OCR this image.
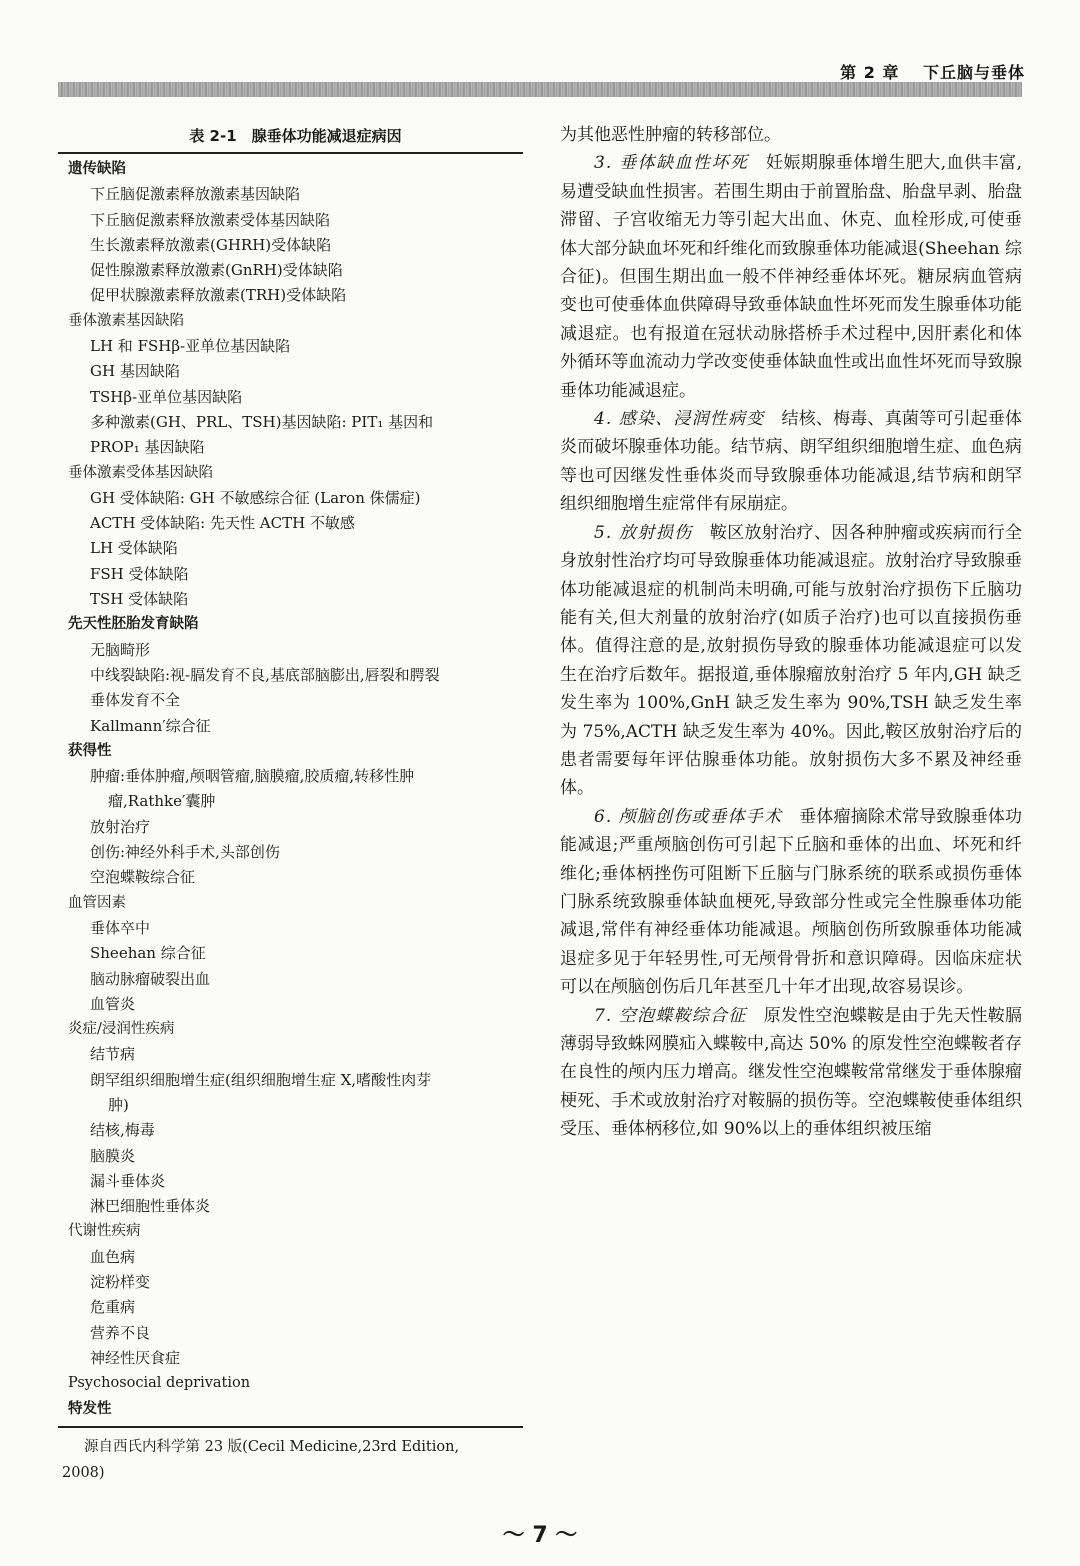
第 2 章　 下丘脑与垂体
表 2-1　腺垂体功能减退症病因
遗传缺陷
下丘脑促激素释放激素基因缺陷
下丘脑促激素释放激素受体基因缺陷
生长激素释放激素(GHRH)受体缺陷
促性腺激素释放激素(GnRH)受体缺陷
促甲状腺激素释放激素(TRH)受体缺陷
垂体激素基因缺陷
LH 和 FSHβ-亚单位基因缺陷
GH 基因缺陷
TSHβ-亚单位基因缺陷
多种激素(GH、PRL、TSH)基因缺陷: PIT₁ 基因和
PROP₁ 基因缺陷
垂体激素受体基因缺陷
GH 受体缺陷: GH 不敏感综合征 (Laron 侏儒症)
ACTH 受体缺陷: 先天性 ACTH 不敏感
LH 受体缺陷
FSH 受体缺陷
TSH 受体缺陷
先天性胚胎发育缺陷
无脑畸形
中线裂缺陷:视-膈发育不良,基底部脑膨出,唇裂和腭裂
垂体发育不全
Kallmann′综合征
获得性
肿瘤:垂体肿瘤,颅咽管瘤,脑膜瘤,胶质瘤,转移性肿
瘤,Rathke′囊肿
放射治疗
创伤:神经外科手术,头部创伤
空泡蝶鞍综合征
血管因素
垂体卒中
Sheehan 综合征
脑动脉瘤破裂出血
血管炎
炎症/浸润性疾病
结节病
朗罕组织细胞增生症(组织细胞增生症 X,嗜酸性肉芽
肿)
结核,梅毒
脑膜炎
漏斗垂体炎
淋巴细胞性垂体炎
代谢性疾病
血色病
淀粉样变
危重病
营养不良
神经性厌食症
Psychosocial deprivation
特发性
源自西氏内科学第 23 版(Cecil Medicine,23rd Edition,
2008)

为其他恶性肿瘤的转移部位。

3. 垂体缺血性坏死　 妊娠期腺垂体增生肥大,血供丰富,易遭受缺血性损害。若围生期由于前置胎盘、胎盘早剥、胎盘滞留、子宫收缩无力等引起大出血、休克、血栓形成,可使垂体大部分缺血坏死和纤维化而致腺垂体功能减退(Sheehan 综合征)。但围生期出血一般不伴神经垂体坏死。糖尿病血管病变也可使垂体血供障碍导致垂体缺血性坏死而发生腺垂体功能减退症。也有报道在冠状动脉搭桥手术过程中,因肝素化和体外循环等血流动力学改变使垂体缺血性或出血性坏死而导致腺垂体功能减退症。

4. 感染、浸润性病变　 结核、梅毒、真菌等可引起垂体炎而破坏腺垂体功能。结节病、朗罕组织细胞增生症、血色病等也可因继发性垂体炎而导致腺垂体功能减退,结节病和朗罕组织细胞增生症常伴有尿崩症。

5. 放射损伤　 鞍区放射治疗、因各种肿瘤或疾病而行全身放射性治疗均可导致腺垂体功能减退症。放射治疗导致腺垂体功能减退症的机制尚未明确,可能与放射治疗损伤下丘脑功能有关,但大剂量的放射治疗(如质子治疗)也可以直接损伤垂体。值得注意的是,放射损伤导致的腺垂体功能减退症可以发生在治疗后数年。据报道,垂体腺瘤放射治疗 5 年内,GH 缺乏发生率为 100%,GnH 缺乏发生率为 90%,TSH 缺乏发生率为 75%,ACTH 缺乏发生率为 40%。因此,鞍区放射治疗后的患者需要每年评估腺垂体功能。放射损伤大多不累及神经垂体。

6. 颅脑创伤或垂体手术　 垂体瘤摘除术常导致腺垂体功能减退;严重颅脑创伤可引起下丘脑和垂体的出血、坏死和纤维化;垂体柄挫伤可阻断下丘脑与门脉系统的联系或损伤垂体门脉系统致腺垂体缺血梗死,导致部分性或完全性腺垂体功能减退,常伴有神经垂体功能减退。颅脑创伤所致腺垂体功能减退症多见于年轻男性,可无颅骨骨折和意识障碍。因临床症状可以在颅脑创伤后几年甚至几十年才出现,故容易误诊。

7. 空泡蝶鞍综合征　 原发性空泡蝶鞍是由于先天性鞍膈薄弱导致蛛网膜疝入蝶鞍中,高达 50% 的原发性空泡蝶鞍者存在良性的颅内压力增高。继发性空泡蝶鞍常常继发于垂体腺瘤梗死、手术或放射治疗对鞍膈的损伤等。空泡蝶鞍使垂体组织受压、垂体柄移位,如 90%以上的垂体组织被压缩

～ 7 ～
